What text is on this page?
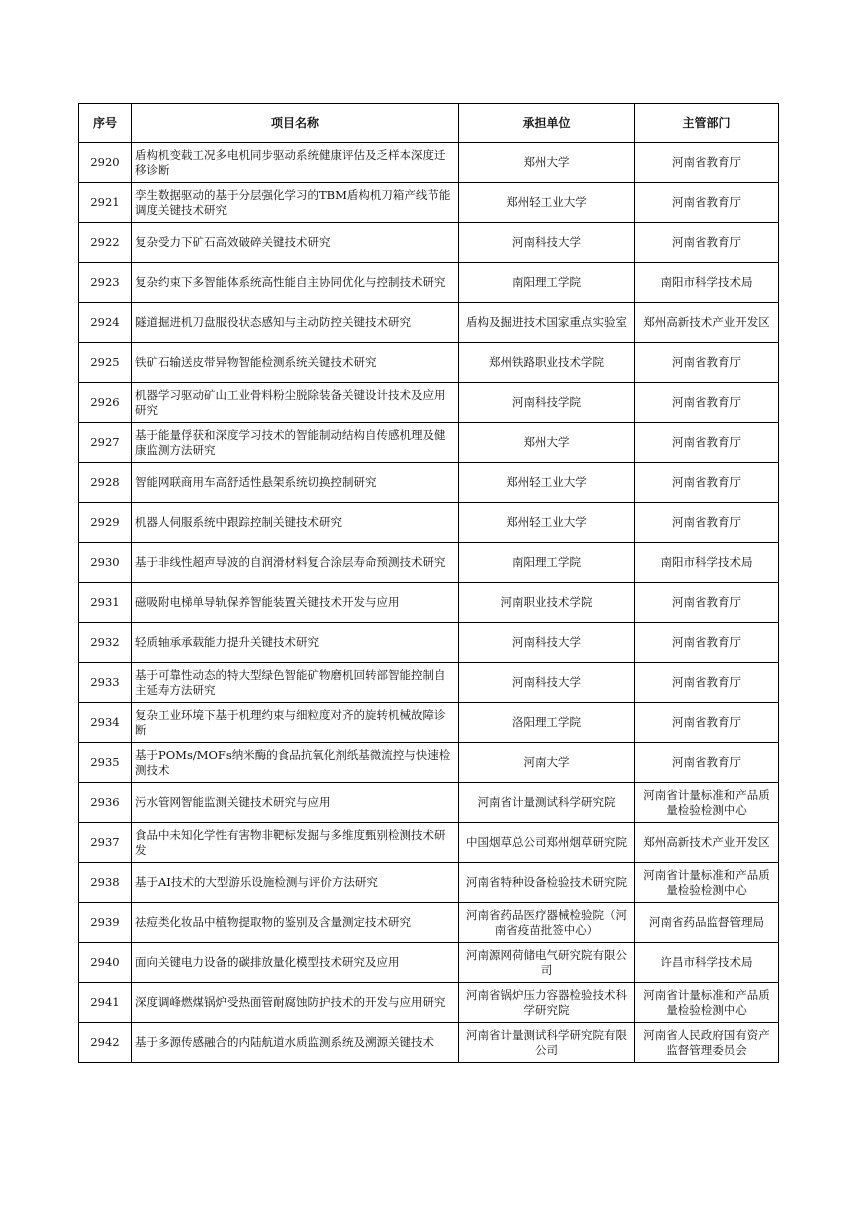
序号	项目名称	承担单位	主管部门
2920	盾构机变载工况多电机同步驱动系统健康评估及乏样本深度迁移诊断	郑州大学	河南省教育厅
2921	孪生数据驱动的基于分层强化学习的TBM盾构机刀箱产线节能调度关键技术研究	郑州轻工业大学	河南省教育厅
2922	复杂受力下矿石高效破碎关键技术研究	河南科技大学	河南省教育厅
2923	复杂约束下多智能体系统高性能自主协同优化与控制技术研究	南阳理工学院	南阳市科学技术局
2924	隧道掘进机刀盘服役状态感知与主动防控关键技术研究	盾构及掘进技术国家重点实验室	郑州高新技术产业开发区
2925	铁矿石输送皮带异物智能检测系统关键技术研究	郑州铁路职业技术学院	河南省教育厅
2926	机器学习驱动矿山工业骨料粉尘脱除装备关键设计技术及应用研究	河南科技学院	河南省教育厅
2927	基于能量俘获和深度学习技术的智能制动结构自传感机理及健康监测方法研究	郑州大学	河南省教育厅
2928	智能网联商用车高舒适性悬架系统切换控制研究	郑州轻工业大学	河南省教育厅
2929	机器人伺服系统中跟踪控制关键技术研究	郑州轻工业大学	河南省教育厅
2930	基于非线性超声导波的自润滑材料复合涂层寿命预测技术研究	南阳理工学院	南阳市科学技术局
2931	磁吸附电梯单导轨保养智能装置关键技术开发与应用	河南职业技术学院	河南省教育厅
2932	轻质轴承承载能力提升关键技术研究	河南科技大学	河南省教育厅
2933	基于可靠性动态的特大型绿色智能矿物磨机回转部智能控制自主延寿方法研究	河南科技大学	河南省教育厅
2934	复杂工业环境下基于机理约束与细粒度对齐的旋转机械故障诊断	洛阳理工学院	河南省教育厅
2935	基于POMs/MOFs纳米酶的食品抗氧化剂纸基微流控与快速检测技术	河南大学	河南省教育厅
2936	污水管网智能监测关键技术研究与应用	河南省计量测试科学研究院	河南省计量标准和产品质量检验检测中心
2937	食品中未知化学性有害物非靶标发掘与多维度甄别检测技术研发	中国烟草总公司郑州烟草研究院	郑州高新技术产业开发区
2938	基于AI技术的大型游乐设施检测与评价方法研究	河南省特种设备检验技术研究院	河南省计量标准和产品质量检验检测中心
2939	祛痘类化妆品中植物提取物的鉴别及含量测定技术研究	河南省药品医疗器械检验院（河南省疫苗批签中心）	河南省药品监督管理局
2940	面向关键电力设备的碳排放量化模型技术研究及应用	河南源网荷储电气研究院有限公司	许昌市科学技术局
2941	深度调峰燃煤锅炉受热面管耐腐蚀防护技术的开发与应用研究	河南省锅炉压力容器检验技术科学研究院	河南省计量标准和产品质量检验检测中心
2942	基于多源传感融合的内陆航道水质监测系统及溯源关键技术	河南省计量测试科学研究院有限公司	河南省人民政府国有资产监督管理委员会
